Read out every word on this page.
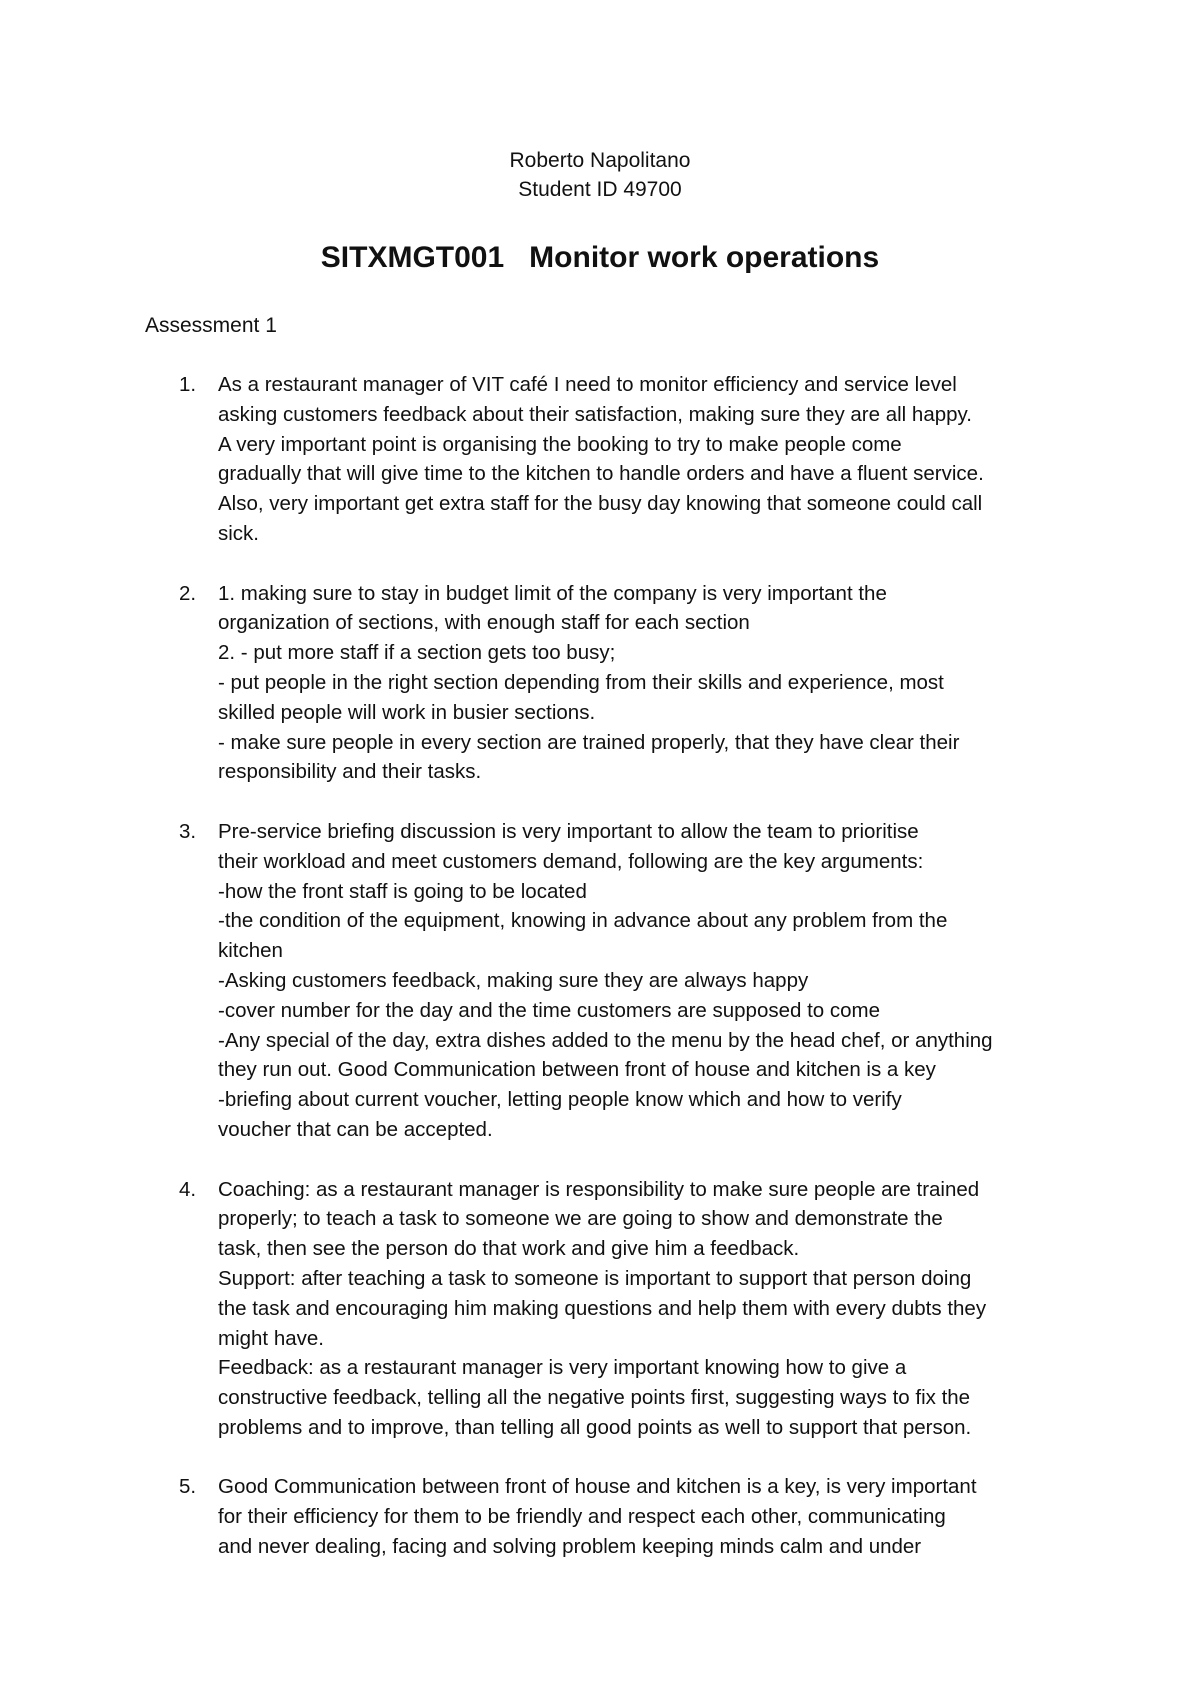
Roberto Napolitano
Student ID 49700
SITXMGT001   Monitor work operations
Assessment 1
1.	As a restaurant manager of VIT café I need to monitor efficiency and service level
asking customers feedback about their satisfaction, making sure they are all happy.
A very important point is organising the booking to try to make people come
gradually that will give time to the kitchen to handle orders and have a fluent service.
Also, very important get extra staff for the busy day knowing that someone could call
sick.
2.	1. making sure to stay in budget limit of the company is very important the
organization of sections, with enough staff for each section
2. - put more staff if a section gets too busy;
- put people in the right section depending from their skills and experience, most
skilled people will work in busier sections.
- make sure people in every section are trained properly, that they have clear their
responsibility and their tasks.
3.	Pre-service briefing discussion is very important to allow the team to prioritise
their workload and meet customers demand, following are the key arguments:
-how the front staff is going to be located
-the condition of the equipment, knowing in advance about any problem from the
kitchen
-Asking customers feedback, making sure they are always happy
-cover number for the day and the time customers are supposed to come
-Any special of the day, extra dishes added to the menu by the head chef, or anything
they run out. Good Communication between front of house and kitchen is a key
-briefing about current voucher, letting people know which and how to verify
voucher that can be accepted.
4.	Coaching: as a restaurant manager is responsibility to make sure people are trained
properly; to teach a task to someone we are going to show and demonstrate the
task, then see the person do that work and give him a feedback.
Support: after teaching a task to someone is important to support that person doing
the task and encouraging him making questions and help them with every dubts they
might have.
Feedback: as a restaurant manager is very important knowing how to give a
constructive feedback, telling all the negative points first, suggesting ways to fix the
problems and to improve, than telling all good points as well to support that person.
5.	Good Communication between front of house and kitchen is a key, is very important
for their efficiency for them to be friendly and respect each other, communicating
and never dealing, facing and solving problem keeping minds calm and under
